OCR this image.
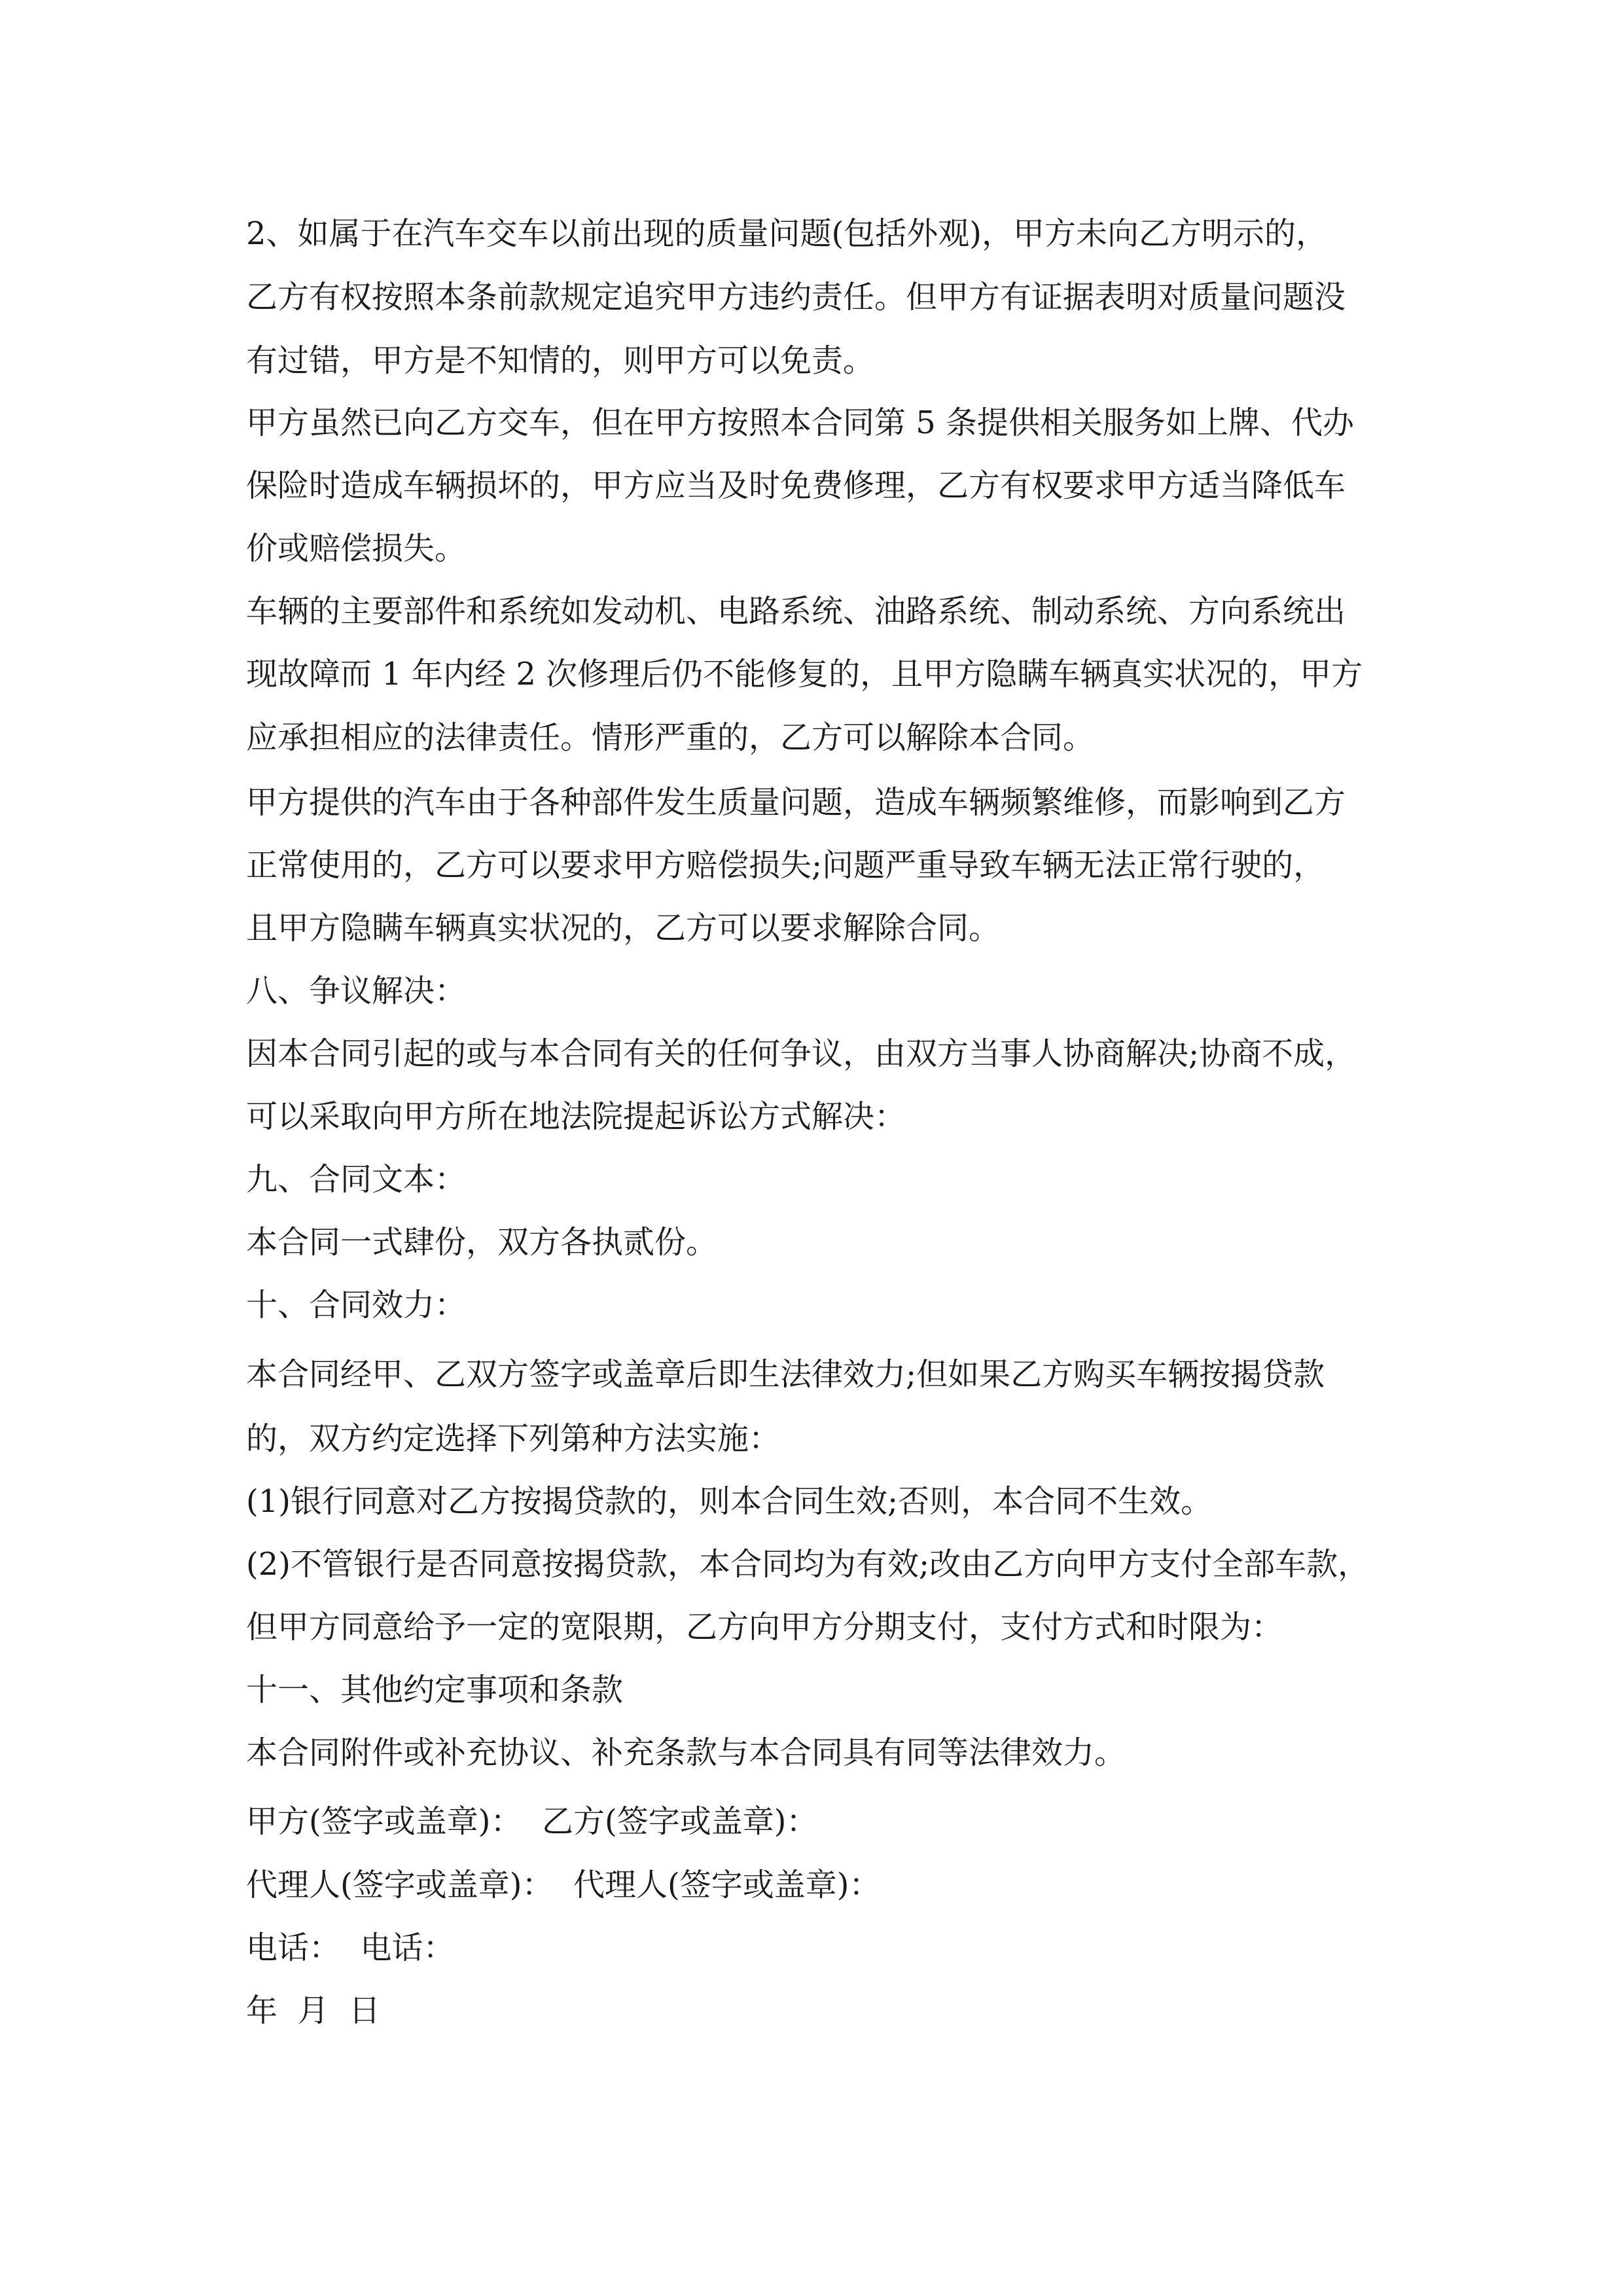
2、如属于在汽车交车以前出现的质量问题(包括外观)，甲方未向乙方明示的，

乙方有权按照本条前款规定追究甲方违约责任。但甲方有证据表明对质量问题没

有过错，甲方是不知情的，则甲方可以免责。

甲方虽然已向乙方交车，但在甲方按照本合同第 5 条提供相关服务如上牌、代办

保险时造成车辆损坏的，甲方应当及时免费修理，乙方有权要求甲方适当降低车

价或赔偿损失。

车辆的主要部件和系统如发动机、电路系统、油路系统、制动系统、方向系统出

现故障而 1 年内经 2 次修理后仍不能修复的，且甲方隐瞒车辆真实状况的，甲方

应承担相应的法律责任。情形严重的，乙方可以解除本合同。

甲方提供的汽车由于各种部件发生质量问题，造成车辆频繁维修，而影响到乙方

正常使用的，乙方可以要求甲方赔偿损失;问题严重导致车辆无法正常行驶的，

且甲方隐瞒车辆真实状况的，乙方可以要求解除合同。

八、争议解决：

因本合同引起的或与本合同有关的任何争议，由双方当事人协商解决;协商不成，

可以采取向甲方所在地法院提起诉讼方式解决：

九、合同文本：

本合同一式肆份，双方各执贰份。

十、合同效力：

本合同经甲、乙双方签字或盖章后即生法律效力;但如果乙方购买车辆按揭贷款

的，双方约定选择下列第种方法实施：

(1)银行同意对乙方按揭贷款的，则本合同生效;否则，本合同不生效。

(2)不管银行是否同意按揭贷款，本合同均为有效;改由乙方向甲方支付全部车款，

但甲方同意给予一定的宽限期，乙方向甲方分期支付，支付方式和时限为：

十一、其他约定事项和条款

本合同附件或补充协议、补充条款与本合同具有同等法律效力。

甲方(签字或盖章)：  乙方(签字或盖章)：

代理人(签字或盖章)：  代理人(签字或盖章)：

电话：  电话：

年  月  日
